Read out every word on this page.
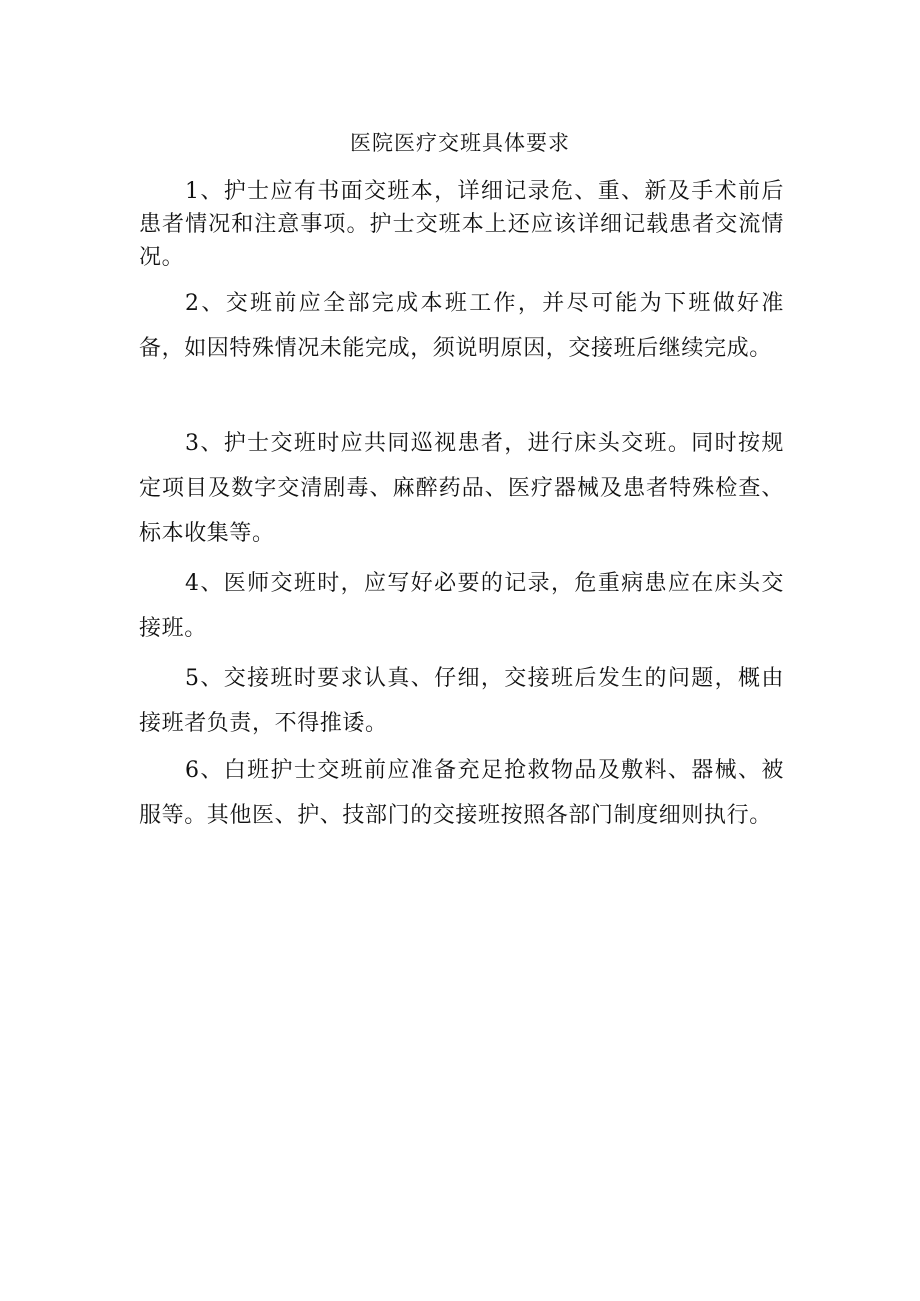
医院医疗交班具体要求

1、护士应有书面交班本，详细记录危、重、新及手术前后患者情况和注意事项。护士交班本上还应该详细记载患者交流情况。

2、交班前应全部完成本班工作，并尽可能为下班做好准备，如因特殊情况未能完成，须说明原因，交接班后继续完成。

3、护士交班时应共同巡视患者，进行床头交班。同时按规定项目及数字交清剧毒、麻醉药品、医疗器械及患者特殊检查、标本收集等。

4、医师交班时，应写好必要的记录，危重病患应在床头交接班。

5、交接班时要求认真、仔细，交接班后发生的问题，概由接班者负责，不得推诿。

6、白班护士交班前应准备充足抢救物品及敷料、器械、被服等。其他医、护、技部门的交接班按照各部门制度细则执行。
